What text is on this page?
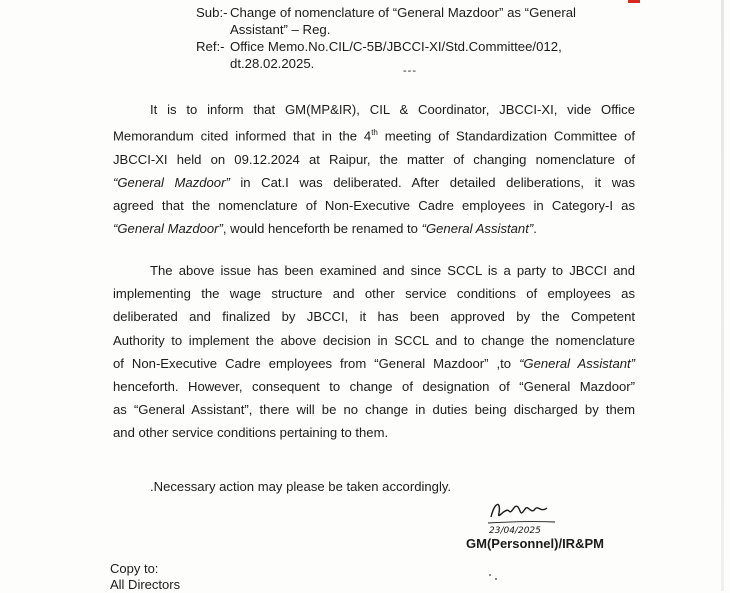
Sub:- Change of nomenclature of “General Mazdoor” as “General
Assistant” – Reg.
Ref:- Office Memo.No.CIL/C-5B/JBCCI-XI/Std.Committee/012,
dt.28.02.2025.	---

It is to inform that GM(MP&IR), CIL & Coordinator, JBCCI-XI, vide Office
Memorandum cited informed that in the 4th meeting of Standardization Committee of
JBCCI-XI held on 09.12.2024 at Raipur, the matter of changing nomenclature of
“General Mazdoor” in Cat.I was deliberated. After detailed deliberations, it was
agreed that the nomenclature of Non-Executive Cadre employees in Category-I as
“General Mazdoor”, would henceforth be renamed to “General Assistant”.

The above issue has been examined and since SCCL is a party to JBCCI and
implementing the wage structure and other service conditions of employees as
deliberated and finalized by JBCCI, it has been approved by the Competent
Authority to implement the above decision in SCCL and to change the nomenclature
of Non-Executive Cadre employees from “General Mazdoor” ,to “General Assistant”
henceforth. However, consequent to change of designation of “General Mazdoor”
as “General Assistant”, there will be no change in duties being discharged by them
and other service conditions pertaining to them.

.Necessary action may please be taken accordingly.

23/04/2025
GM(Personnel)/IR&PM
Copy to:
All Directors
